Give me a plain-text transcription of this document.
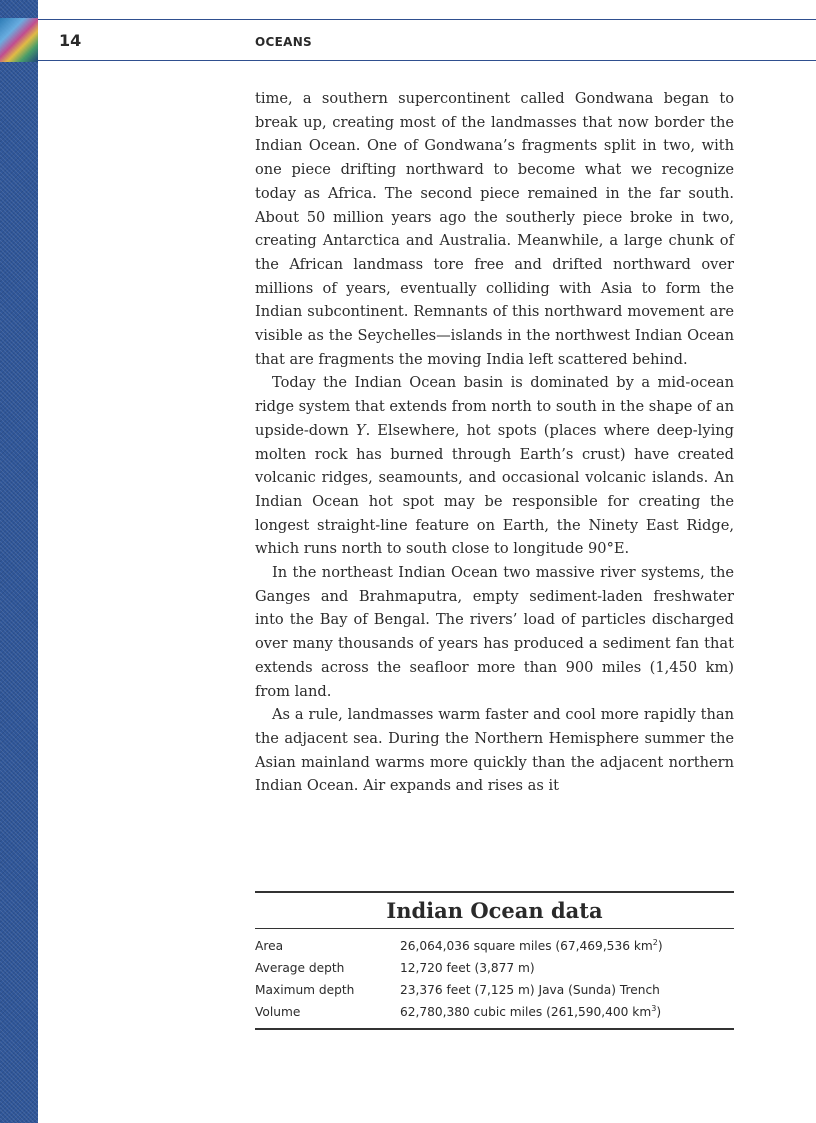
14	OCEANS

time, a southern supercontinent called Gondwana began to break up, creating most of the landmasses that now border the Indian Ocean. One of Gondwana’s fragments split in two, with one piece drifting northward to become what we recognize today as Africa. The second piece remained in the far south. About 50 million years ago the southerly piece broke in two, creating Antarctica and Australia. Meanwhile, a large chunk of the African landmass tore free and drifted northward over millions of years, eventually colliding with Asia to form the Indian subcontinent. Remnants of this northward movement are visible as the Seychelles—islands in the northwest Indian Ocean that are fragments the moving India left scattered behind.

Today the Indian Ocean basin is dominated by a mid-ocean ridge system that extends from north to south in the shape of an upside-down Y. Elsewhere, hot spots (places where deep-lying molten rock has burned through Earth’s crust) have created volcanic ridges, seamounts, and occasional volcanic islands. An Indian Ocean hot spot may be responsible for creating the longest straight-line feature on Earth, the Ninety East Ridge, which runs north to south close to longitude 90°E.

In the northeast Indian Ocean two massive river systems, the Ganges and Brahmaputra, empty sediment-laden freshwater into the Bay of Bengal. The rivers’ load of particles discharged over many thousands of years has produced a sediment fan that extends across the seafloor more than 900 miles (1,450 km) from land.

As a rule, landmasses warm faster and cool more rapidly than the adjacent sea. During the Northern Hemisphere summer the Asian mainland warms more quickly than the adjacent northern Indian Ocean. Air expands and rises as it

Indian Ocean data
Area	26,064,036 square miles (67,469,536 $km^2$)
Average depth	12,720 feet (3,877 m)
Maximum depth	23,376 feet (7,125 m) Java (Sunda) Trench
Volume	62,780,380 cubic miles (261,590,400 $km^3$)
